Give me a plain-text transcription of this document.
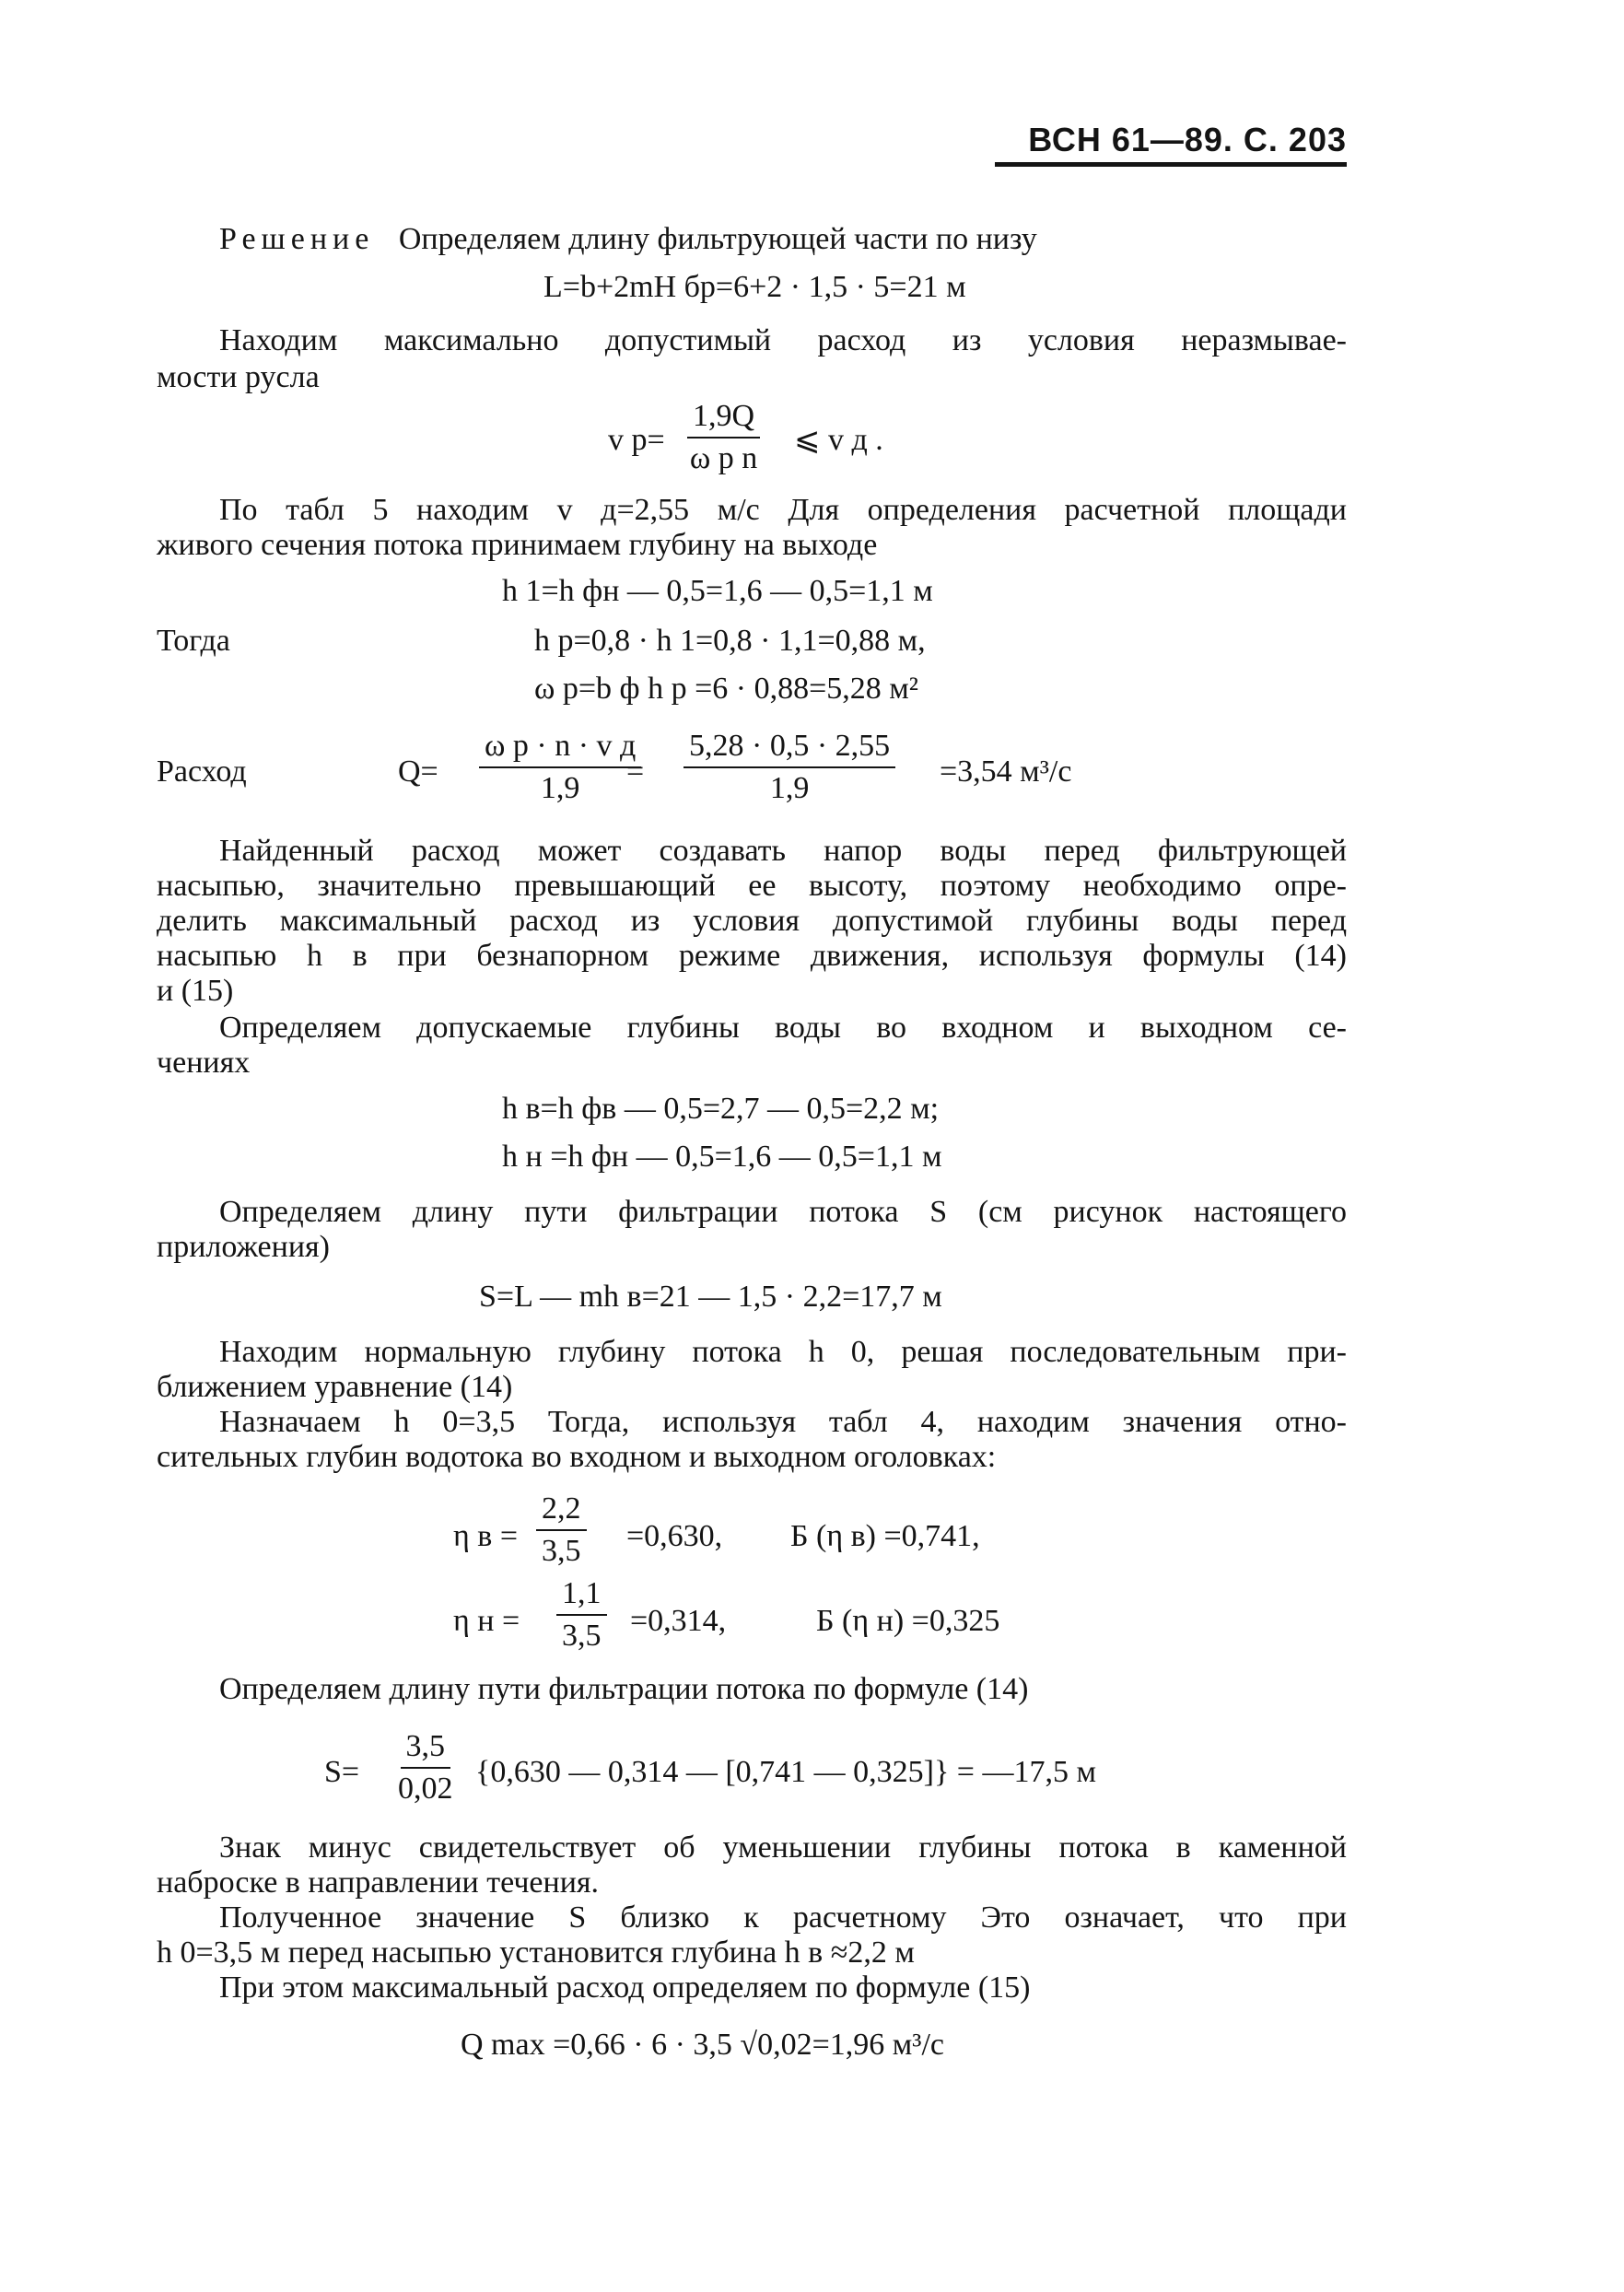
ВСН 61—89. С. 203
Решение Определяем длину фильтрующей части по низу
L=b+2mH бр=6+2 · 1,5 · 5=21 м
Находим максимально допустимый расход из условия неразмывае-
мости русла
v р=
1,9Q
ω р n
⩽ v д .
По табл 5 находим v д=2,55 м/с Для определения расчетной площади
живого сечения потока принимаем глубину на выходе
h 1=h фн — 0,5=1,6 — 0,5=1,1 м
Тогда	h р=0,8 · h 1=0,8 · 1,1=0,88 м,
ω р=b ф h р =6 · 0,88=5,28 м²
Расход	Q=
ω р · n · v д
$1,9 = \frac{5,28 \cdot 0,5 \cdot 2,55}{1,9} =3,54$ м³/с
Найденный расход может создавать напор воды перед фильтрующей
насыпью, значительно превышающий ее высоту, поэтому необходимо опре-
делить максимальный расход из условия допустимой глубины воды перед
насыпью h в при безнапорном режиме движения, используя формулы (14)
и (15)
Определяем допускаемые глубины воды во входном и выходном се-
чениях
h в=h фв — 0,5=2,7 — 0,5=2,2 м;
h н =h фн — 0,5=1,6 — 0,5=1,1 м
Определяем длину пути фильтрации потока S (см рисунок настоящего
приложения)
S=L — mh в=21 — 1,5 · 2,2=17,7 м
Находим нормальную глубину потока h 0, решая последовательным при-
ближением уравнение (14)
Назначаем h 0=3,5 Тогда, используя табл 4, находим значения отно-
сительных глубин водотока во входном и выходном оголовках:
η $в = \frac{2,2}{3,5} =0,630$, Б (η в) =0,741,
η $н = \frac{1,1}{3,5} =0,314$,	Б (η н) =0,325
Определяем длину пути фильтрации потока по формуле (14)
$S= \frac{3,5}{0,02} \{0,630$ — 0,314 — [0,741 — 0,325]} = —17,5 м
Знак минус свидетельствует об уменьшении глубины потока в каменной
наброске в направлении течения.
Полученное значение S близко к расчетному Это означает, что при
h 0=3,5 м перед насыпью установится глубина h в ≈2,2 м
При этом максимальный расход определяем по формуле (15)
Q max =0,66 · 6 · 3,5 √0,02=1,96 м³/с
